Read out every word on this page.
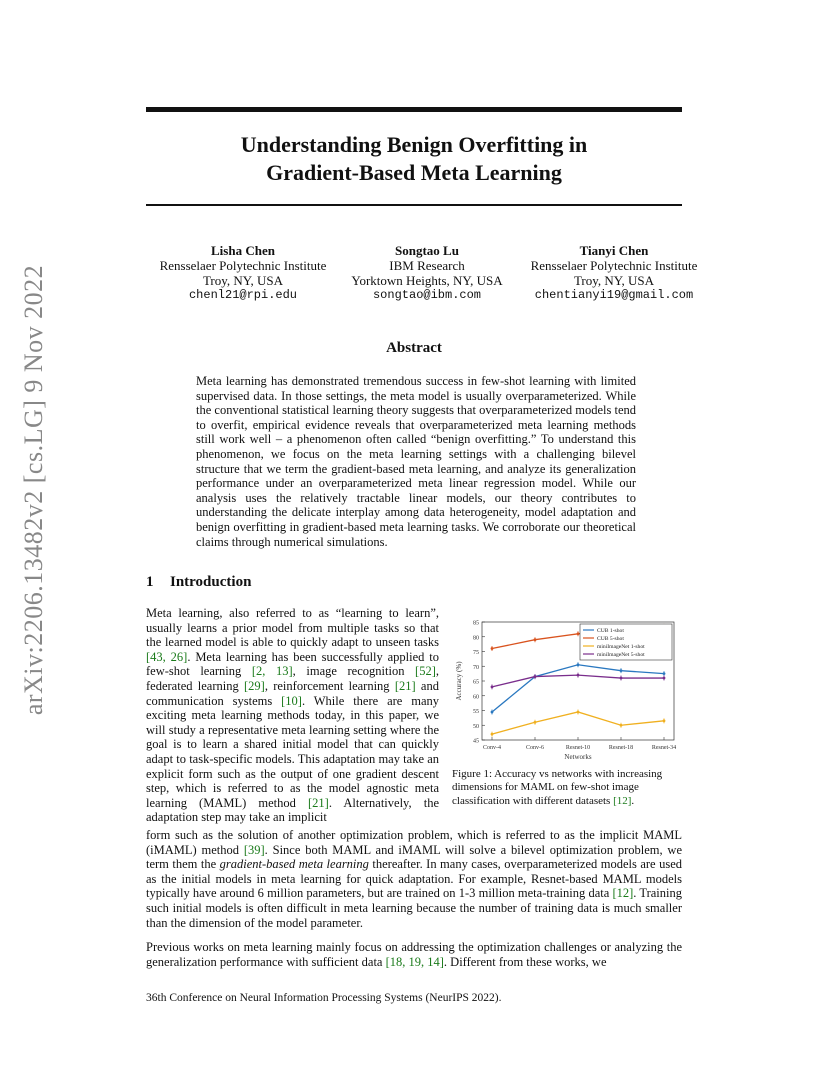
arXiv:2206.13482v2 [cs.LG] 9 Nov 2022
Understanding Benign Overfitting in
Gradient-Based Meta Learning
Lisha Chen
Rensselaer Polytechnic Institute
Troy, NY, USA
chenl21@rpi.edu
Songtao Lu
IBM Research
Yorktown Heights, NY, USA
songtao@ibm.com
Tianyi Chen
Rensselaer Polytechnic Institute
Troy, NY, USA
chentianyi19@gmail.com
Abstract
Meta learning has demonstrated tremendous success in few-shot learning with limited supervised data. In those settings, the meta model is usually overparameterized. While the conventional statistical learning theory suggests that overparameterized models tend to overfit, empirical evidence reveals that overparameterized meta learning methods still work well – a phenomenon often called “benign overfitting.” To understand this phenomenon, we focus on the meta learning settings with a challenging bilevel structure that we term the gradient-based meta learning, and analyze its generalization performance under an overparameterized meta linear regression model. While our analysis uses the relatively tractable linear models, our theory contributes to understanding the delicate interplay among data heterogeneity, model adaptation and benign overfitting in gradient-based meta learning tasks. We corroborate our theoretical claims through numerical simulations.
1 Introduction
Meta learning, also referred to as “learning to learn”, usually learns a prior model from multiple tasks so that the learned model is able to quickly adapt to unseen tasks [43, 26]. Meta learning has been successfully applied to few-shot learning [2, 13], image recognition [52], federated learning [29], reinforcement learning [21] and communication systems [10]. While there are many exciting meta learning methods today, in this paper, we will study a representative meta learning setting where the goal is to learn a shared initial model that can quickly adapt to task-specific models. This adaptation may take an explicit form such as the output of one gradient descent step, which is referred to as the model agnostic meta learning (MAML) method [21]. Alternatively, the adaptation step may take an implicit
form such as the solution of another optimization problem, which is referred to as the implicit MAML (iMAML) method [39]. Since both MAML and iMAML will solve a bilevel optimization problem, we term them the gradient-based meta learning thereafter. In many cases, overparameterized models are used as the initial models in meta learning for quick adaptation. For example, Resnet-based MAML models typically have around 6 million parameters, but are trained on 1-3 million meta-training data [12]. Training such initial models is often difficult in meta learning because the number of training data is much smaller than the dimension of the model parameter.
Previous works on meta learning mainly focus on addressing the optimization challenges or analyzing the generalization performance with sufficient data [18, 19, 14]. Different from these works, we
45
50
55
60
65
70
75
80
85
Conv-4	Conv-6	Resnet-10	Resnet-18	Resnet-34
Networks
Accuracy (%)
CUB 1-shot
CUB 5-shot
miniImageNet 1-shot
miniImageNet 5-shot
Figure 1: Accuracy vs networks with increasing dimensions for MAML on few-shot image classification with different datasets [12].
36th Conference on Neural Information Processing Systems (NeurIPS 2022).
